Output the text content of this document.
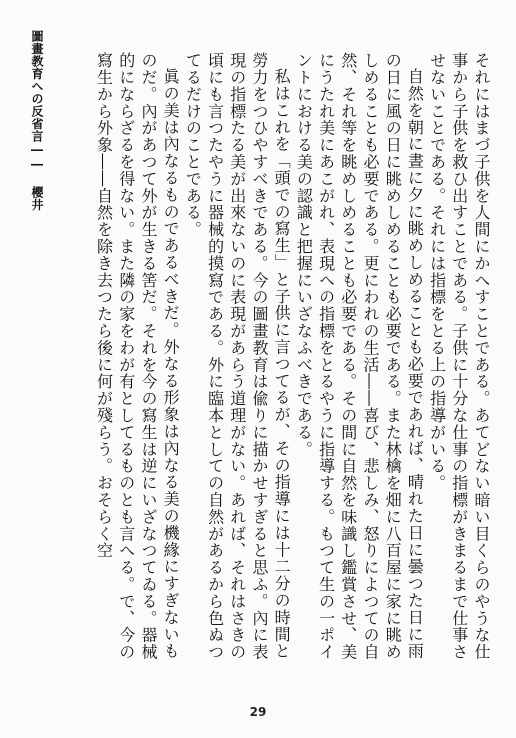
圖畫教育への反省言―― 櫻井	それにはまづ子供を人間にかへすことである。あてどない暗い目くらのやうな仕事から子供を救ひ出すことである。子供に十分な仕事の指標がきまるまで仕事させないことである。それには指標をとる上の指導がいる。

自然を朝に晝に夕に眺めしめることも必要であれば、晴れた日に曇つた日に雨の日に風の日に眺めしめることも必要である。また林檎を畑に八百屋に家に眺めしめることも必要である。更にわれの生活――喜び、悲しみ、怒りによつての自然、それ等を眺めしめることも必要である。その間に自然を味識し鑑賞させ、美にうたれ美にあこがれ、表現への指標をとるやうに指導する。もつて生の一ポイントにおける美の認識と把握にいざなふべきである。

私はこれを「頭での寫生」と子供に言つてるが、その指導には十二分の時間と勞力をつひやすべきである。今の圖畫教育は偸りに描かせすぎると思ふ。內に表現の指標たる美が出來ないのに表現があらう道理がない。あれば、それはさきの頃にも言つたやうに器械的摸寫である。外に臨本としての自然があるから色ぬつてるだけのことである。

眞の美は內なるものであるべきだ。外なる形象は內なる美の機緣にすぎないものだ。內があつて外が生きる筈だ。それを今の寫生は逆にいざなつてゐる。器械的にならざるを得ない。また隣の家をわが有としてるものとも言へる。で、今の寫生から外象――自然を除き去つたら後に何が殘らう。おそらく空

29
